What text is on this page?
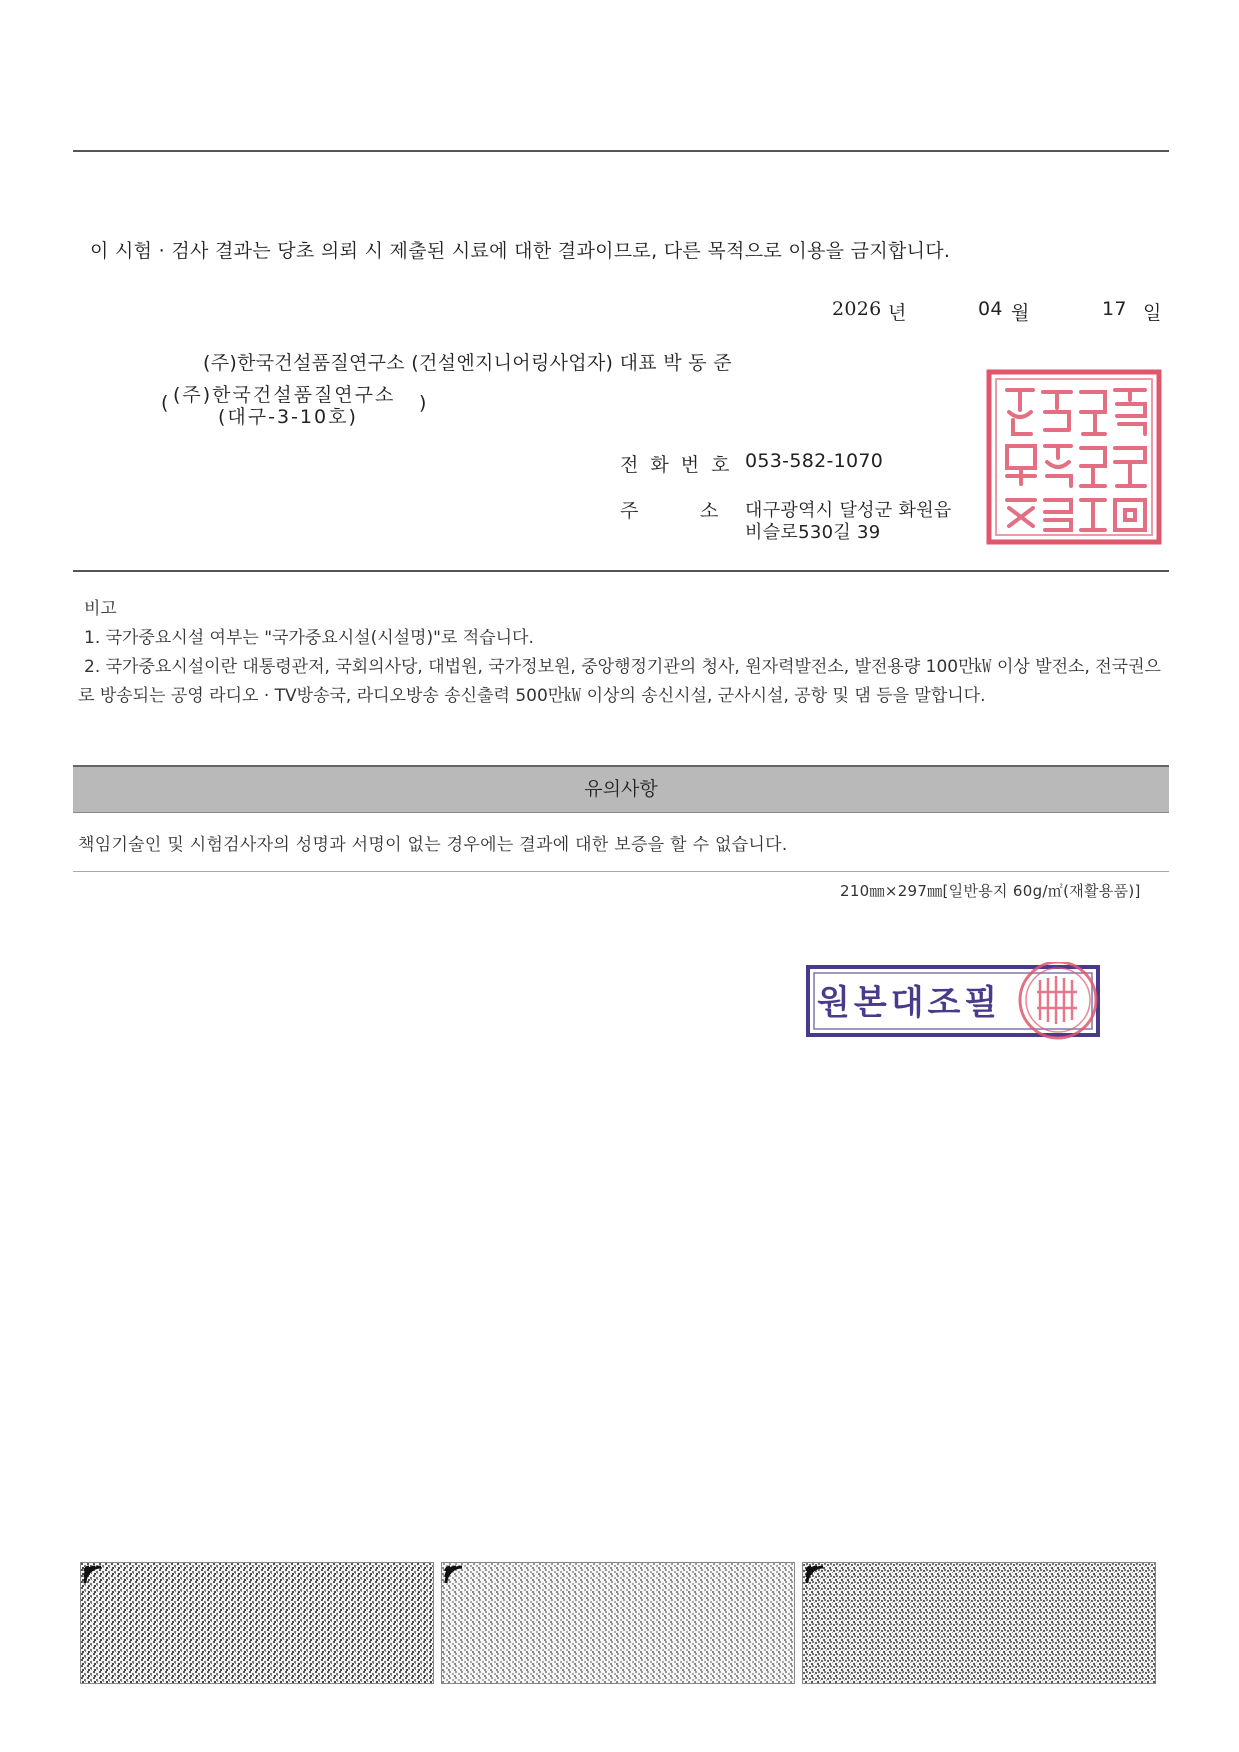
이 시험 · 검사 결과는 당초 의뢰 시 제출된 시료에 대한 결과이므로, 다른 목적으로 이용을 금지합니다.
2026 년	04 월	17 일
(주)한국건설품질연구소 (건설엔지니어링사업자) 대표 박 동 준
( (주)한국건설품질연구소
(대구-3-10호)
)
전 화 번 호 053-582-1070
주	소 대구광역시 달성군 화원읍
비슬로530길 39
비고
1. 국가중요시설 여부는 "국가중요시설(시설명)"로 적습니다.
2. 국가중요시설이란 대통령관저, 국회의사당, 대법원, 국가정보원, 중앙행정기관의 청사, 원자력발전소, 발전용량 100만㎾ 이상 발전소, 전국권으로 방송되는 공영 라디오 · TV방송국, 라디오방송 송신출력 500만㎾ 이상의 송신시설, 군사시설, 공항 및 댐 등을 말합니다.
유의사항
책임기술인 및 시험검사자의 성명과 서명이 없는 경우에는 결과에 대한 보증을 할 수 없습니다.
210㎜×297㎜[일반용지 60g/㎡(재활용품)]
원본대조필
